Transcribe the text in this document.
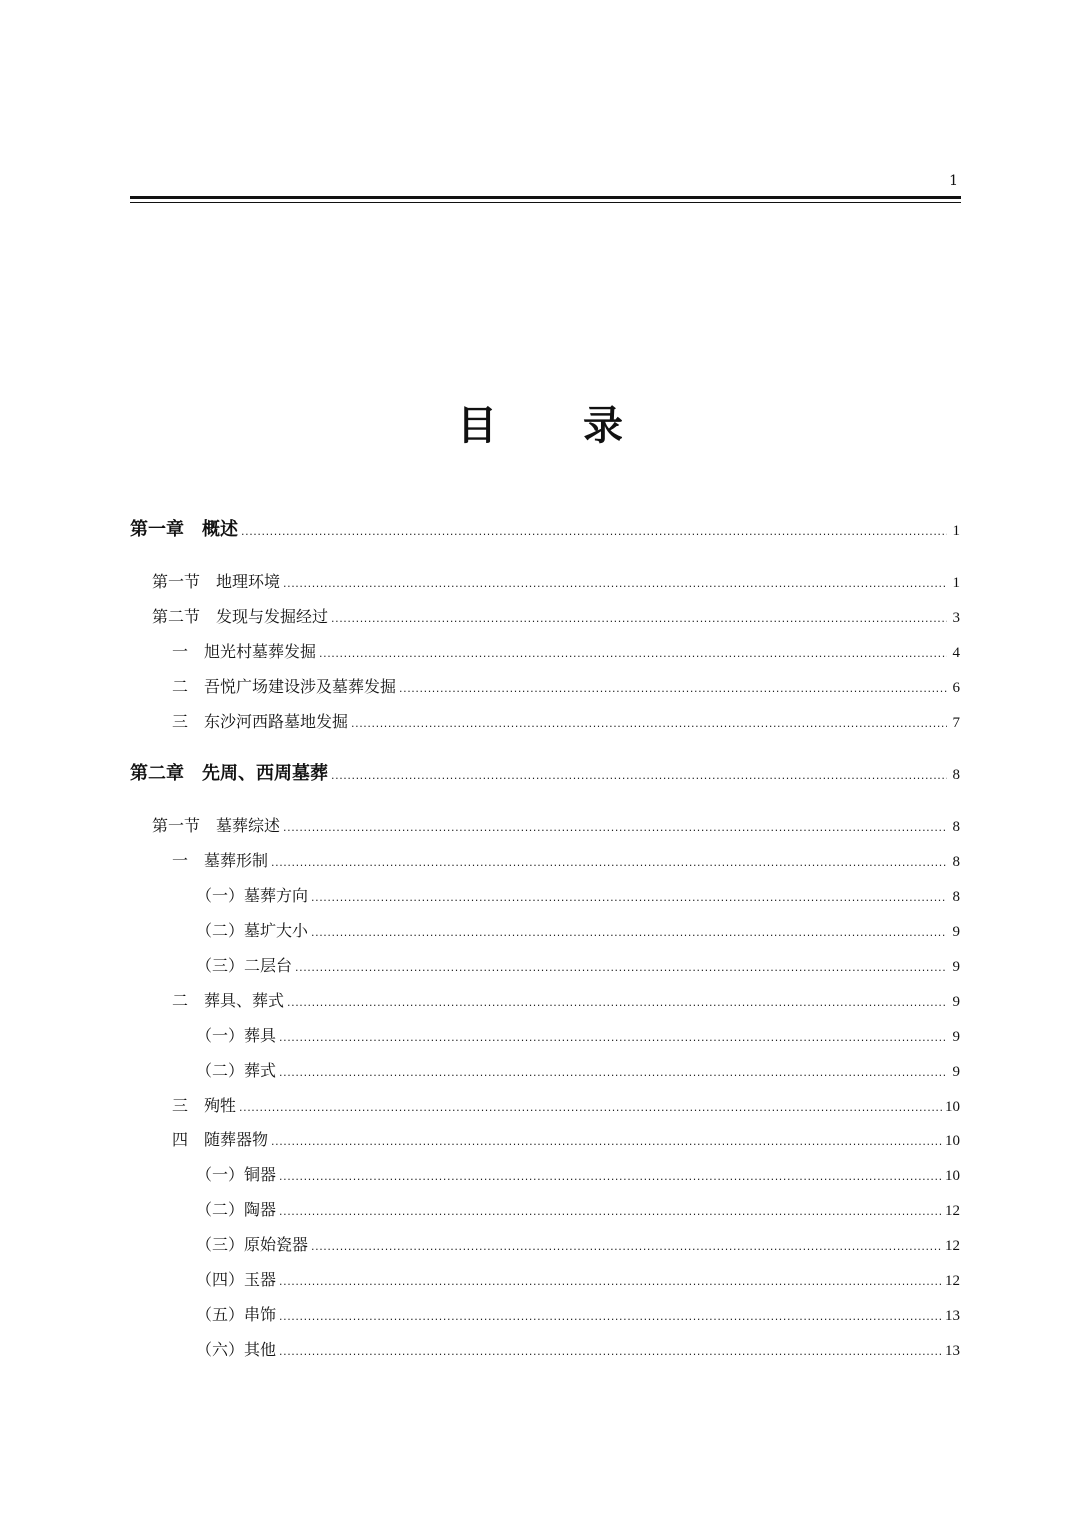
1
目 录
第一章　概述 .....	1
第一节　地理环境 .....	1
第二节　发现与发掘经过 .....	3
一　旭光村墓葬发掘 .....	4
二　吾悦广场建设涉及墓葬发掘 .....	6
三　东沙河西路墓地发掘 .....	7
第二章　先周、西周墓葬 .....	8
第一节　墓葬综述 .....	8
一　墓葬形制 .....	8
（一）墓葬方向 .....	8
（二）墓圹大小 .....	9
（三）二层台 .....	9
二　葬具、葬式 .....	9
（一）葬具 .....	9
（二）葬式 .....	9
三　殉牲 .....	10
四　随葬器物 .....	10
（一）铜器 .....	10
（二）陶器 .....	12
（三）原始瓷器 .....	12
（四）玉器 .....	12
（五）串饰 .....	13
（六）其他 .....	13
